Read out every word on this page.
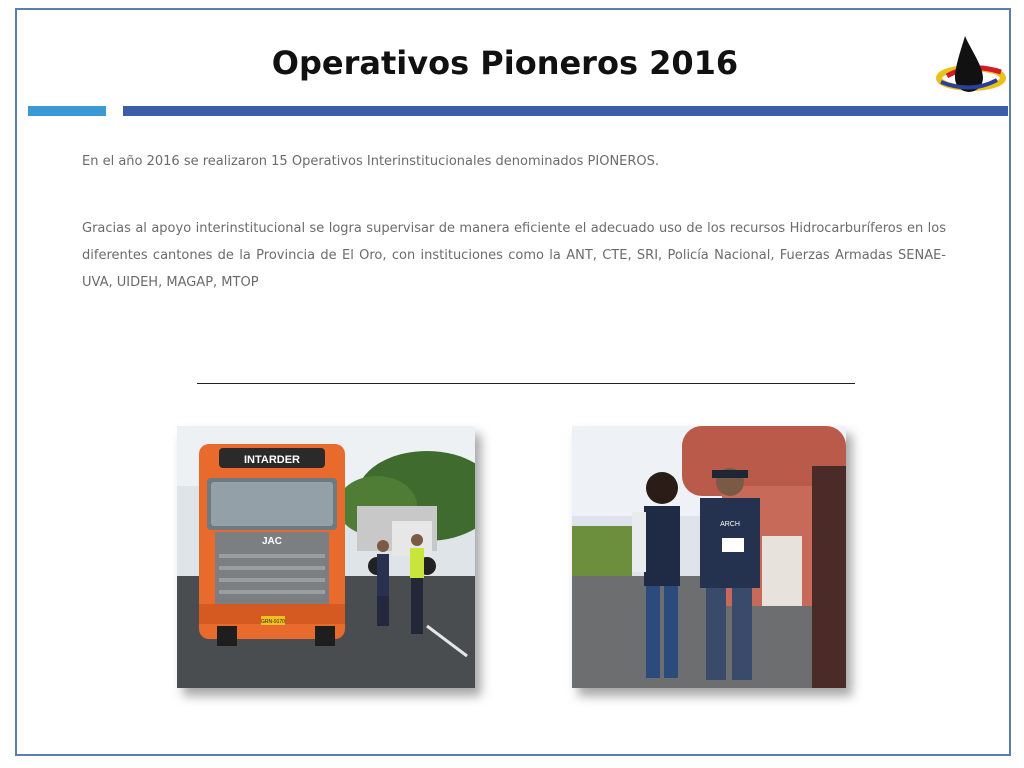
Operativos Pioneros 2016
En el año 2016 se realizaron 15 Operativos Interinstitucionales denominados PIONEROS.
Gracias al apoyo interinstitucional se logra supervisar de manera eficiente el adecuado uso de los recursos Hidrocarburíferos en los diferentes cantones de la Provincia de El Oro, con instituciones como la ANT, CTE, SRI, Policía Nacional, Fuerzas Armadas SENAE-UVA, UIDEH, MAGAP, MTOP
INTARDER
JAC
GRN-9170
ARCH
